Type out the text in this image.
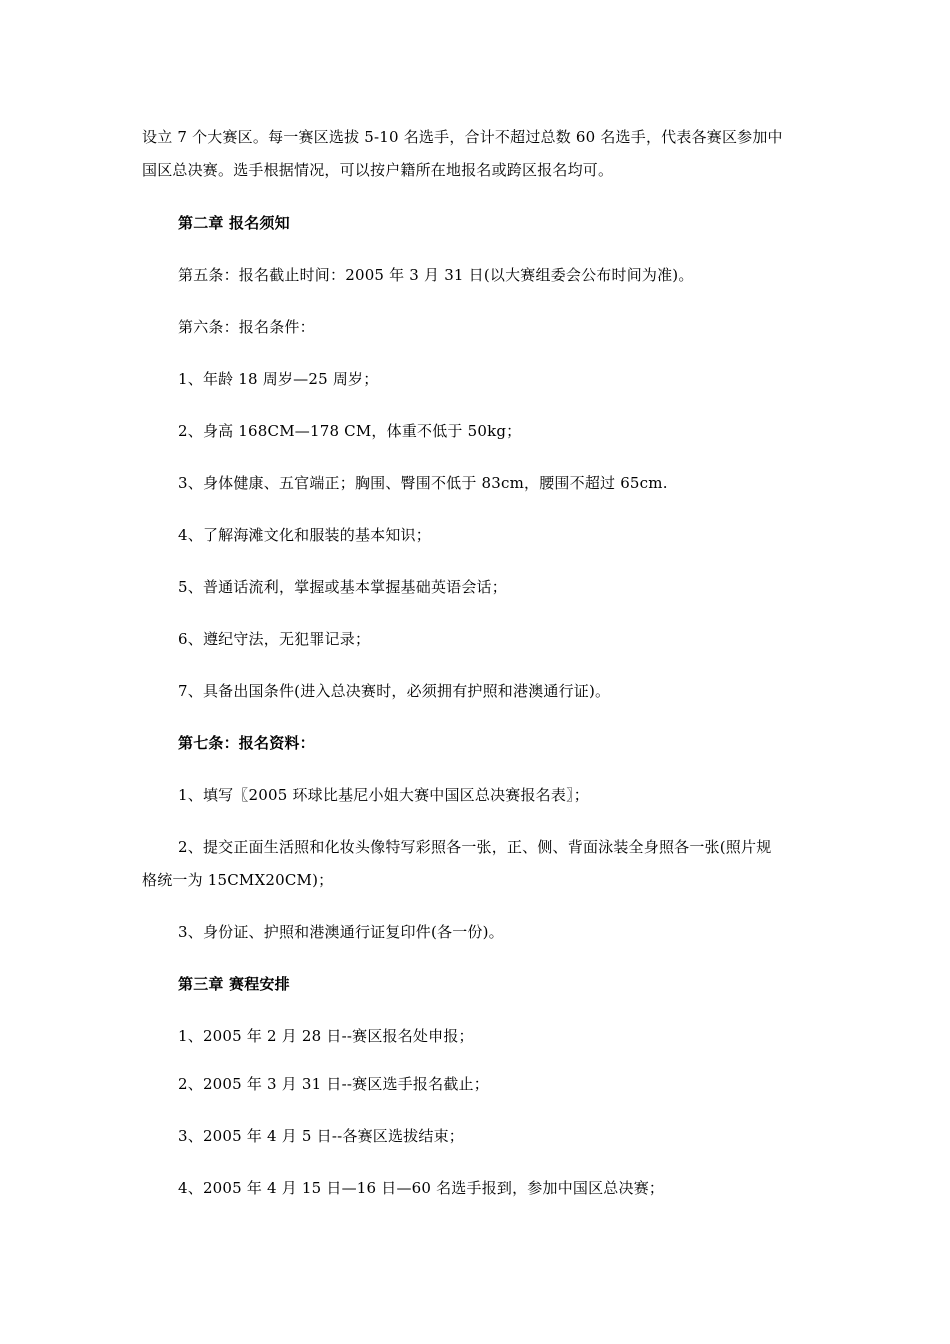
设立 7 个大赛区。每一赛区选拔 5-10 名选手，合计不超过总数 60 名选手，代表各赛区参加中
国区总决赛。选手根据情况，可以按户籍所在地报名或跨区报名均可。
第二章 报名须知
第五条：报名截止时间：2005 年 3 月 31 日(以大赛组委会公布时间为准)。
第六条：报名条件：
1、年龄 18 周岁—25 周岁；
2、身高 168CM—178 CM，体重不低于 50kg；
3、身体健康、五官端正；胸围、臀围不低于 83cm，腰围不超过 65cm.
4、了解海滩文化和服装的基本知识；
5、普通话流利，掌握或基本掌握基础英语会话；
6、遵纪守法，无犯罪记录；
7、具备出国条件(进入总决赛时，必须拥有护照和港澳通行证)。
第七条：报名资料：
1、填写〖2005 环球比基尼小姐大赛中国区总决赛报名表〗；
2、提交正面生活照和化妆头像特写彩照各一张，正、侧、背面泳装全身照各一张(照片规
格统一为 15CMX20CM)；
3、身份证、护照和港澳通行证复印件(各一份)。
第三章 赛程安排
1、2005 年 2 月 28 日--赛区报名处申报；
2、2005 年 3 月 31 日--赛区选手报名截止；
3、2005 年 4 月 5 日--各赛区选拔结束；
4、2005 年 4 月 15 日—16 日—60 名选手报到，参加中国区总决赛；
